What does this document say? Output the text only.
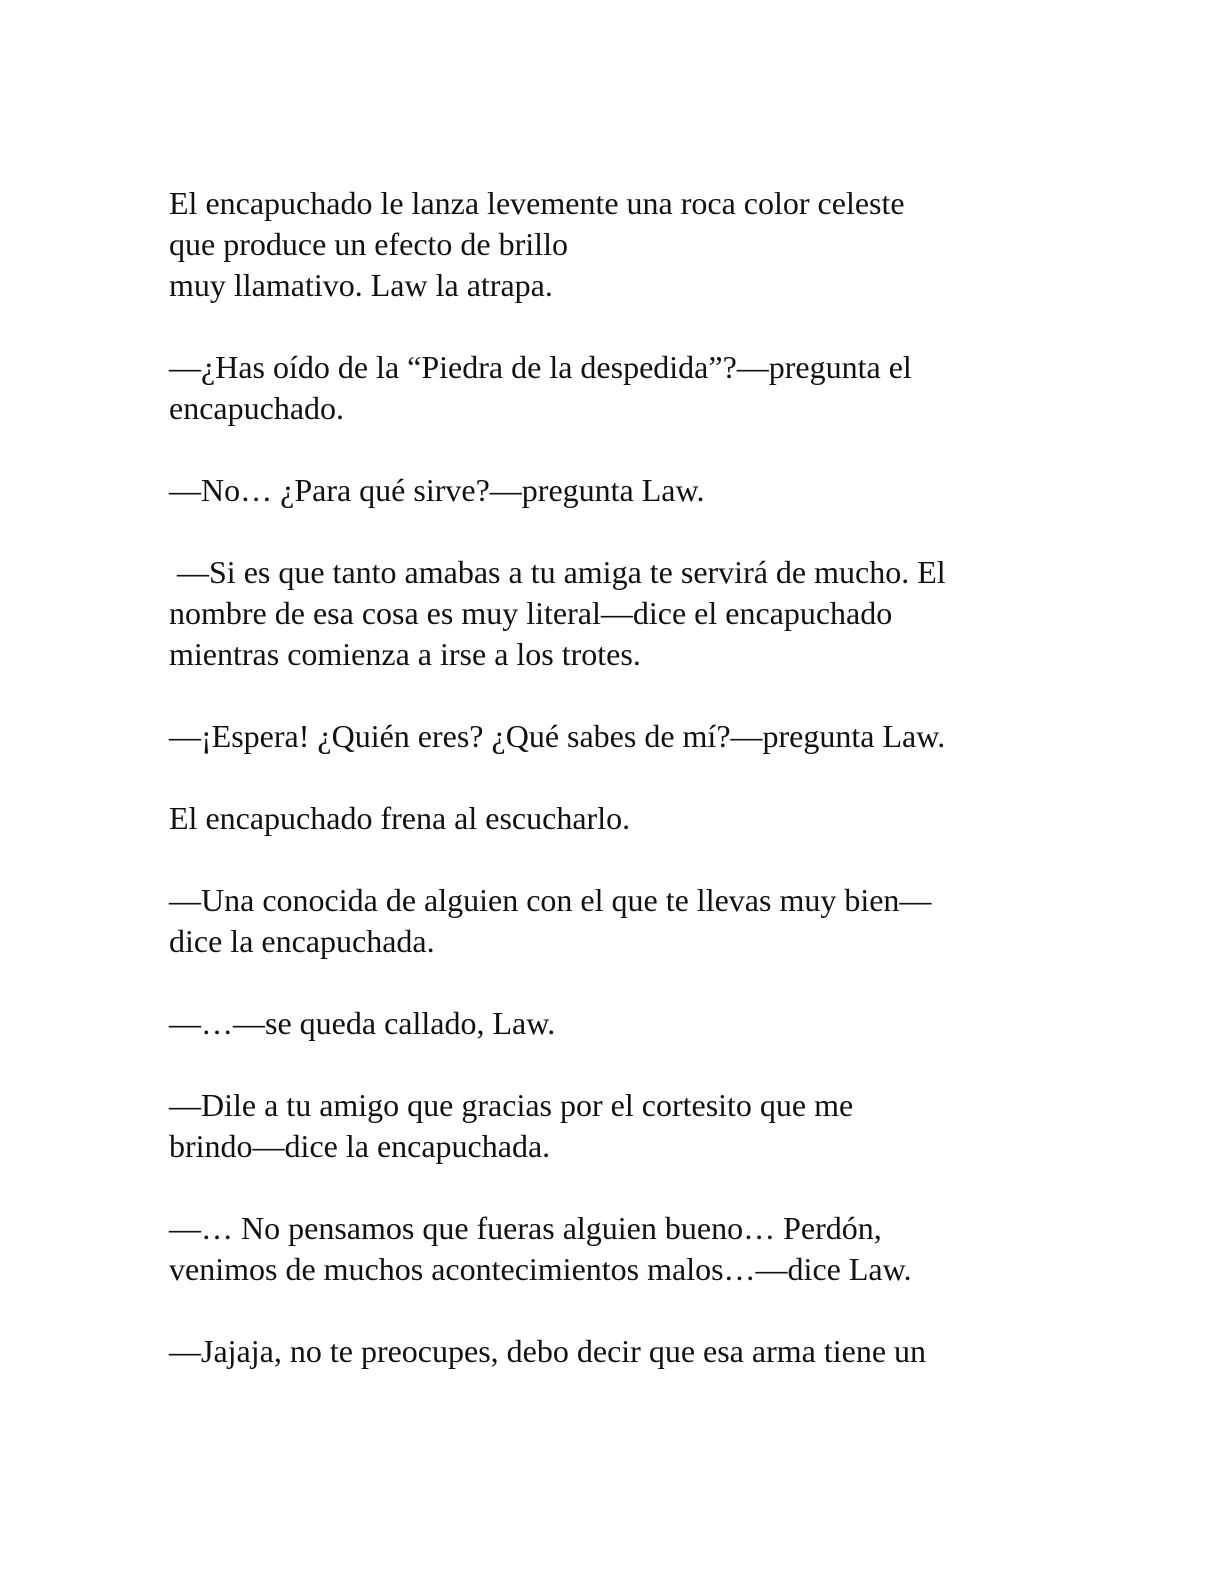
El encapuchado le lanza levemente una roca color celeste
que produce un efecto de brillo
muy llamativo. Law la atrapa.

—¿Has oído de la “Piedra de la despedida”?—pregunta el
encapuchado.

—No… ¿Para qué sirve?—pregunta Law.

—Si es que tanto amabas a tu amiga te servirá de mucho. El
nombre de esa cosa es muy literal—dice el encapuchado
mientras comienza a irse a los trotes.

—¡Espera! ¿Quién eres? ¿Qué sabes de mí?—pregunta Law.

El encapuchado frena al escucharlo.

—Una conocida de alguien con el que te llevas muy bien—
dice la encapuchada.

—…—se queda callado, Law.

—Dile a tu amigo que gracias por el cortesito que me
brindo—dice la encapuchada.

—… No pensamos que fueras alguien bueno… Perdón,
venimos de muchos acontecimientos malos…—dice Law.

—Jajaja, no te preocupes, debo decir que esa arma tiene un
